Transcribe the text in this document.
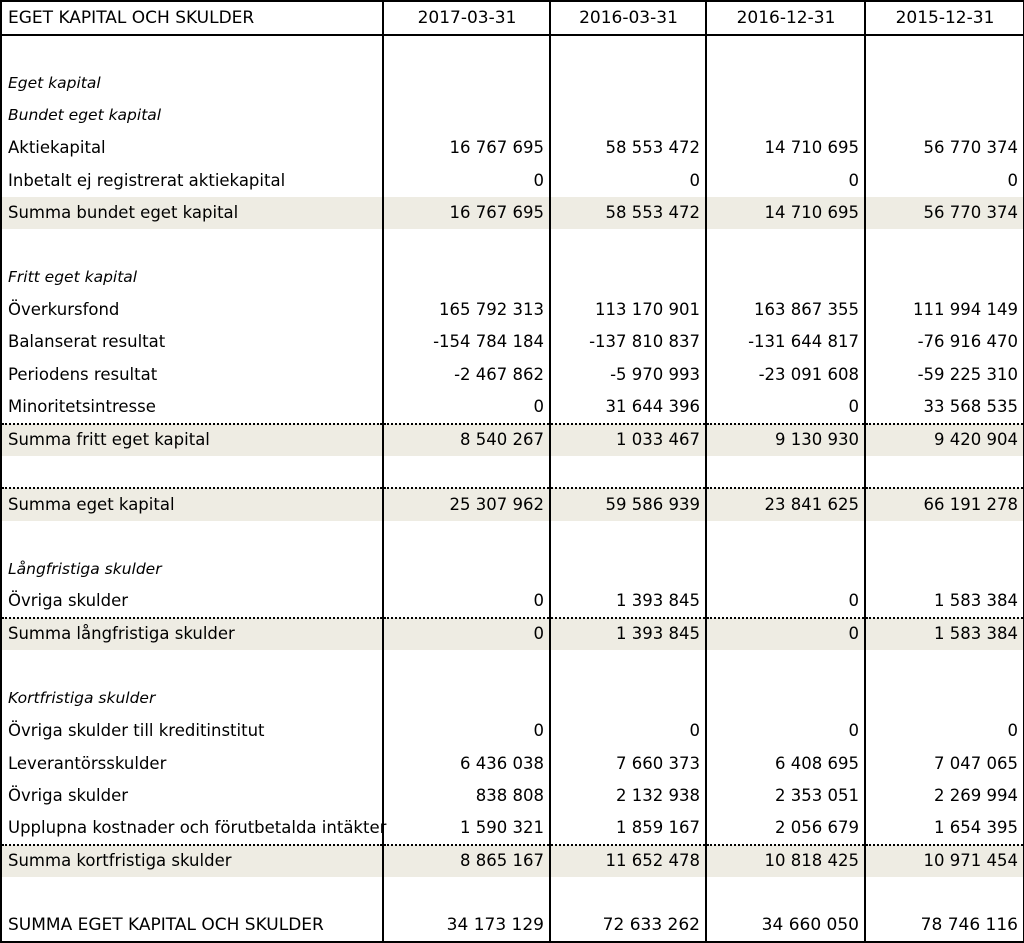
EGET KAPITAL OCH SKULDER	2017-03-31	2016-03-31	2016-12-31	2015-12-31

Eget kapital				
Bundet eget kapital				
Aktiekapital	16 767 695	58 553 472	14 710 695	56 770 374
Inbetalt ej registrerat aktiekapital	0	0	0	0
Summa bundet eget kapital	16 767 695	58 553 472	14 710 695	56 770 374

Fritt eget kapital				
Överkursfond	165 792 313	113 170 901	163 867 355	111 994 149
Balanserat resultat	-154 784 184	-137 810 837	-131 644 817	-76 916 470
Periodens resultat	-2 467 862	-5 970 993	-23 091 608	-59 225 310
Minoritetsintresse	0	31 644 396	0	33 568 535
Summa fritt eget kapital	8 540 267	1 033 467	9 130 930	9 420 904

Summa eget kapital	25 307 962	59 586 939	23 841 625	66 191 278

Långfristiga skulder				
Övriga skulder	0	1 393 845	0	1 583 384
Summa långfristiga skulder	0	1 393 845	0	1 583 384

Kortfristiga skulder				
Övriga skulder till kreditinstitut	0	0	0	0
Leverantörsskulder	6 436 038	7 660 373	6 408 695	7 047 065
Övriga skulder	838 808	2 132 938	2 353 051	2 269 994
Upplupna kostnader och förutbetalda intäkter	1 590 321	1 859 167	2 056 679	1 654 395
Summa kortfristiga skulder	8 865 167	11 652 478	10 818 425	10 971 454

SUMMA EGET KAPITAL OCH SKULDER	34 173 129	72 633 262	34 660 050	78 746 116
